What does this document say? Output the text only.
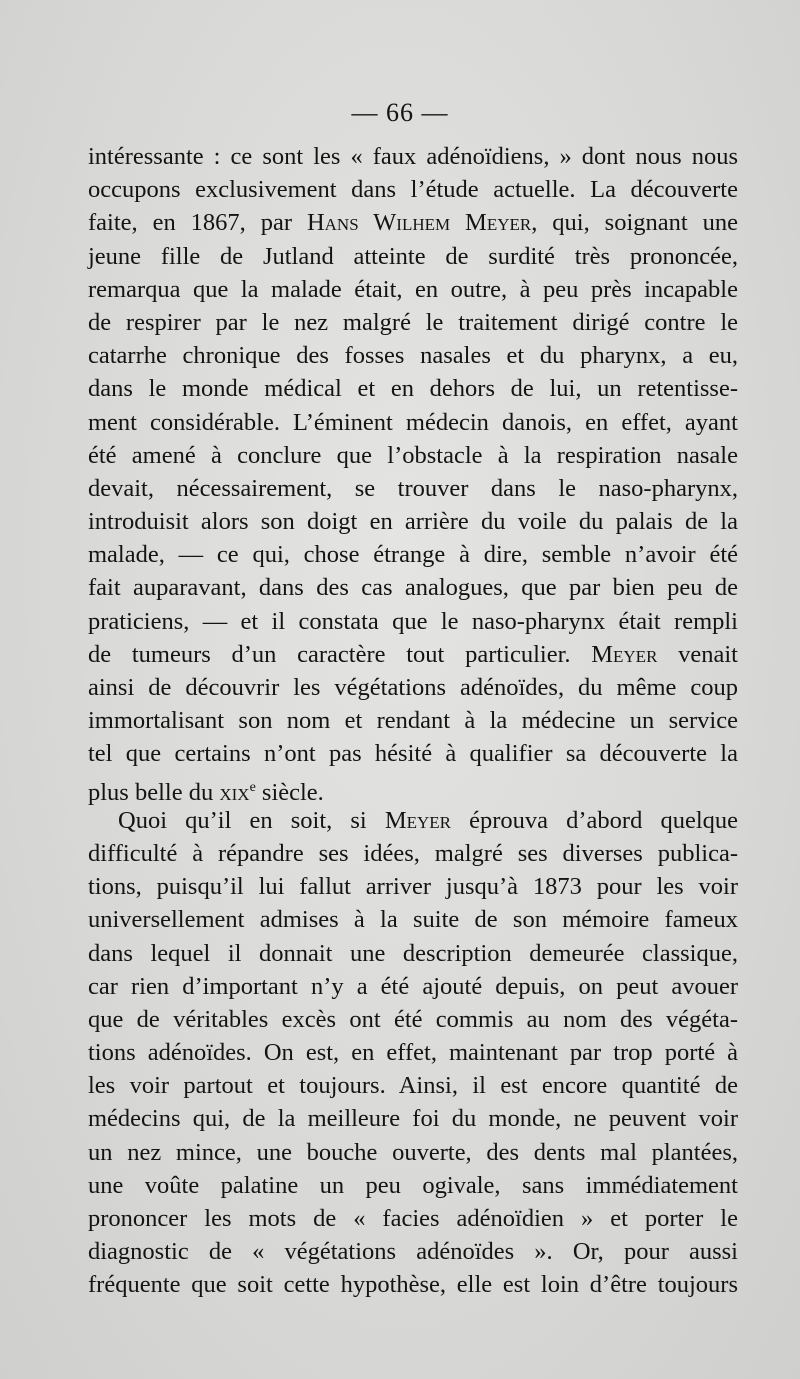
— 66 —
intéressante : ce sont les « faux adénoïdiens, » dont nous nous
occupons exclusivement dans l’étude actuelle. La découverte
faite, en 1867, par Hans Wilhem Meyer, qui, soignant une
jeune fille de Jutland atteinte de surdité très prononcée,
remarqua que la malade était, en outre, à peu près incapable
de respirer par le nez malgré le traitement dirigé contre le
catarrhe chronique des fosses nasales et du pharynx, a eu,
dans le monde médical et en dehors de lui, un retentisse-
ment considérable. L’éminent médecin danois, en effet, ayant
été amené à conclure que l’obstacle à la respiration nasale
devait, nécessairement, se trouver dans le naso-pharynx,
introduisit alors son doigt en arrière du voile du palais de la
malade, — ce qui, chose étrange à dire, semble n’avoir été
fait auparavant, dans des cas analogues, que par bien peu de
praticiens, — et il constata que le naso-pharynx était rempli
de tumeurs d’un caractère tout particulier. Meyer venait
ainsi de découvrir les végétations adénoïdes, du même coup
immortalisant son nom et rendant à la médecine un service
tel que certains n’ont pas hésité à qualifier sa découverte la
plus belle du xix$^e$ siècle.
Quoi qu’il en soit, si Meyer éprouva d’abord quelque
difficulté à répandre ses idées, malgré ses diverses publica-
tions, puisqu’il lui fallut arriver jusqu’à 1873 pour les voir
universellement admises à la suite de son mémoire fameux
dans lequel il donnait une description demeurée classique,
car rien d’important n’y a été ajouté depuis, on peut avouer
que de véritables excès ont été commis au nom des végéta-
tions adénoïdes. On est, en effet, maintenant par trop porté à
les voir partout et toujours. Ainsi, il est encore quantité de
médecins qui, de la meilleure foi du monde, ne peuvent voir
un nez mince, une bouche ouverte, des dents mal plantées,
une voûte palatine un peu ogivale, sans immédiatement
prononcer les mots de « facies adénoïdien » et porter le
diagnostic de « végétations adénoïdes ». Or, pour aussi
fréquente que soit cette hypothèse, elle est loin d’être toujours
